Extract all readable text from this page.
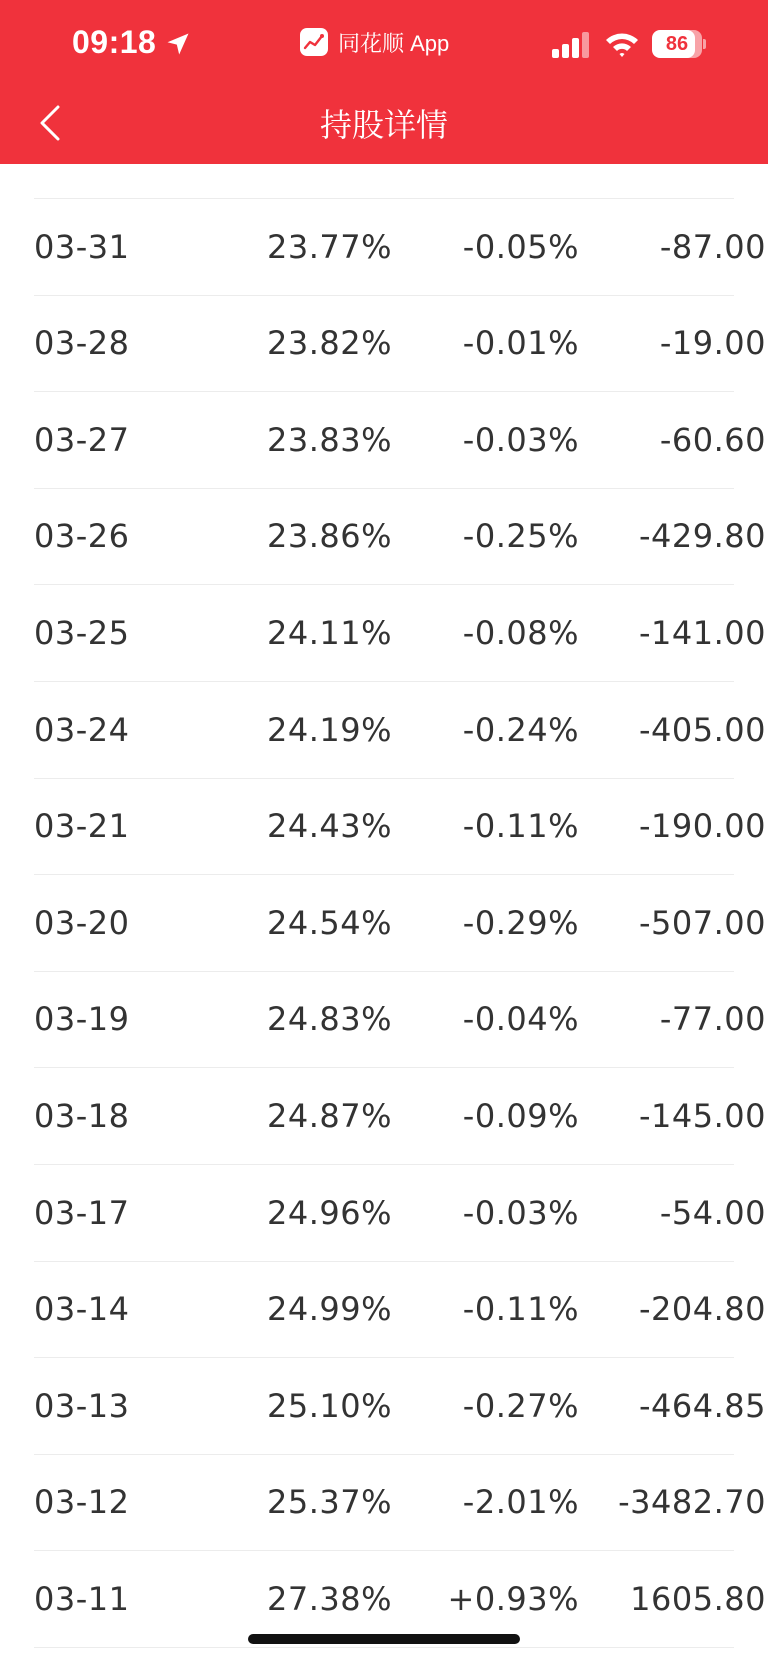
03-31	23.77%	-0.05%	-87.00
03-28	23.82%	-0.01%	-19.00
03-27	23.83%	-0.03%	-60.60
03-26	23.86%	-0.25%	-429.80
03-25	24.11%	-0.08%	-141.00
03-24	24.19%	-0.24%	-405.00
03-21	24.43%	-0.11%	-190.00
03-20	24.54%	-0.29%	-507.00
03-19	24.83%	-0.04%	-77.00
03-18	24.87%	-0.09%	-145.00
03-17	24.96%	-0.03%	-54.00
03-14	24.99%	-0.11%	-204.80
03-13	25.10%	-0.27%	-464.85
03-12	25.37%	-2.01%	-3482.70
03-11	27.38%	+0.93%	1605.80
09:18	同花顺 App	86
持股详情
